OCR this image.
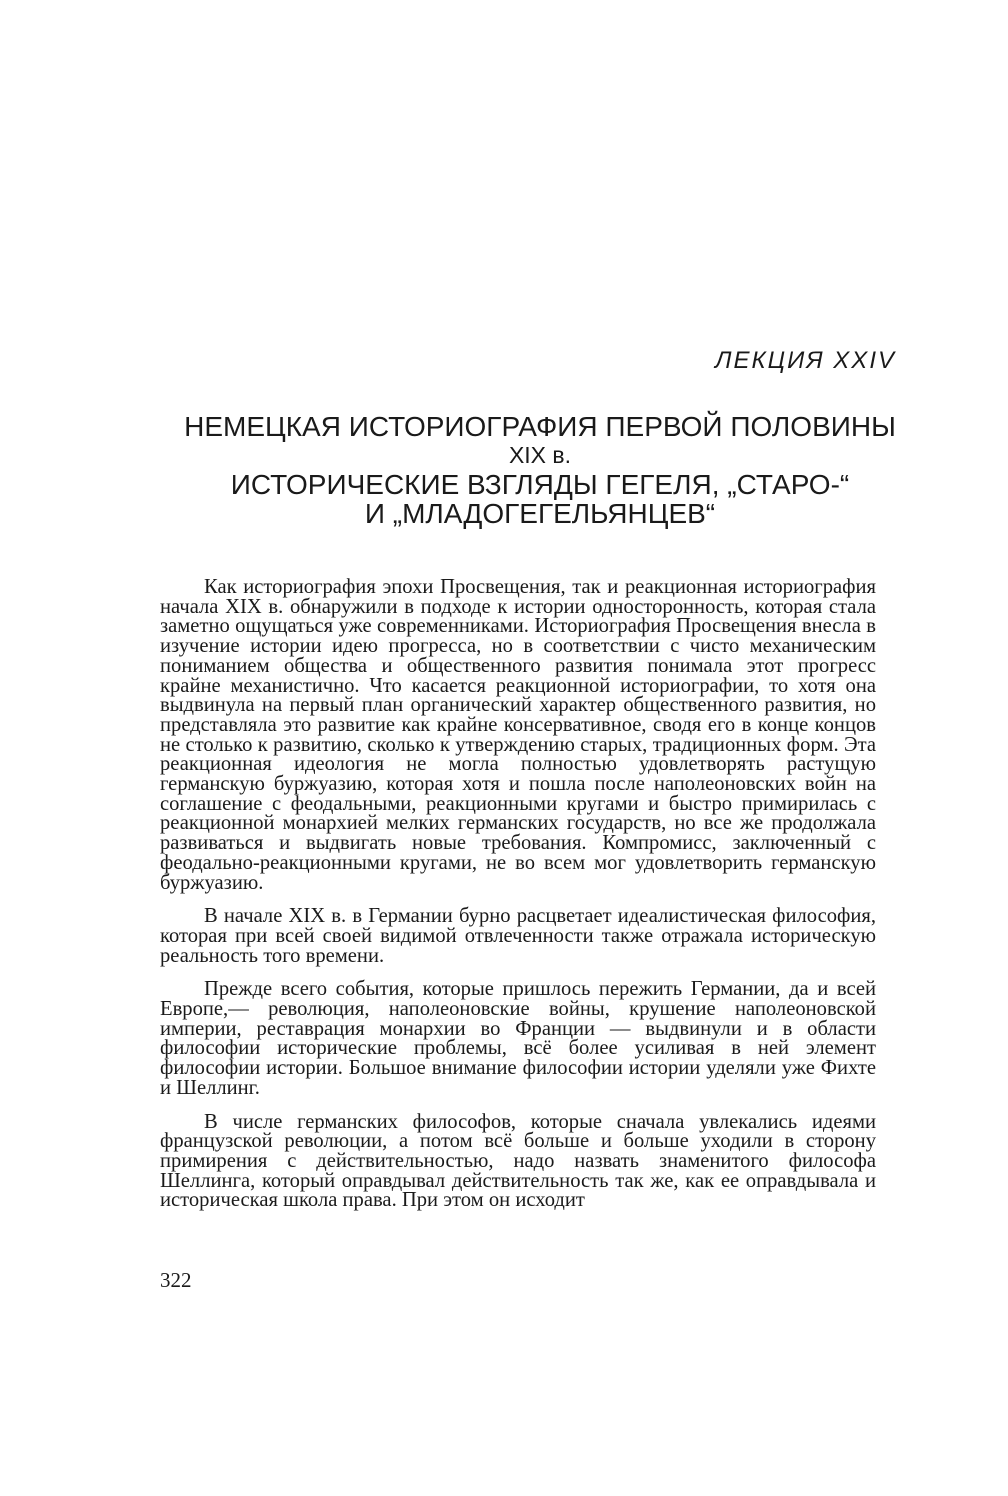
ЛЕКЦИЯ XXIV

НЕМЕЦКАЯ ИСТОРИОГРАФИЯ ПЕРВОЙ ПОЛОВИНЫ
XIX в.
ИСТОРИЧЕСКИЕ ВЗГЛЯДЫ ГЕГЕЛЯ, „СТАРО-“
И „МЛАДОГЕГЕЛЬЯНЦЕВ“

Как историография эпохи Просвещения, так и реакционная историография начала XIX в. обнаружили в подходе к истории односторонность, которая стала заметно ощущаться уже современниками. Историография Просвещения внесла в изучение истории идею прогресса, но в соответствии с чисто механическим пониманием общества и общественного развития понимала этот прогресс крайне механистично. Что касается реакционной историографии, то хотя она выдвинула на первый план органический характер общественного развития, но представляла это развитие как крайне консервативное, сводя его в конце концов не столько к развитию, сколько к утверждению старых, традиционных форм. Эта реакционная идеология не могла полностью удовлетворять растущую германскую буржуазию, которая хотя и пошла после наполеоновских войн на соглашение с феодальными, реакционными кругами и быстро примирилась с реакционной монархией мелких германских государств, но все же продолжала развиваться и выдвигать новые требования. Компромисс, заключенный с феодально-реакционными кругами, не во всем мог удовлетворить германскую буржуазию.

В начале XIX в. в Германии бурно расцветает идеалистическая философия, которая при всей своей видимой отвлеченности также отражала историческую реальность того времени.

Прежде всего события, которые пришлось пережить Германии, да и всей Европе,— революция, наполеоновские войны, крушение наполеоновской империи, реставрация монархии во Франции — выдвинули и в области философии исторические проблемы, всё более усиливая в ней элемент философии истории. Большое внимание философии истории уделяли уже Фихте и Шеллинг.

В числе германских философов, которые сначала увлекались идеями французской революции, а потом всё больше и больше уходили в сторону примирения с действительностью, надо назвать знаменитого философа Шеллинга, который оправдывал действительность так же, как ее оправдывала и историческая школа права. При этом он исходит

322
